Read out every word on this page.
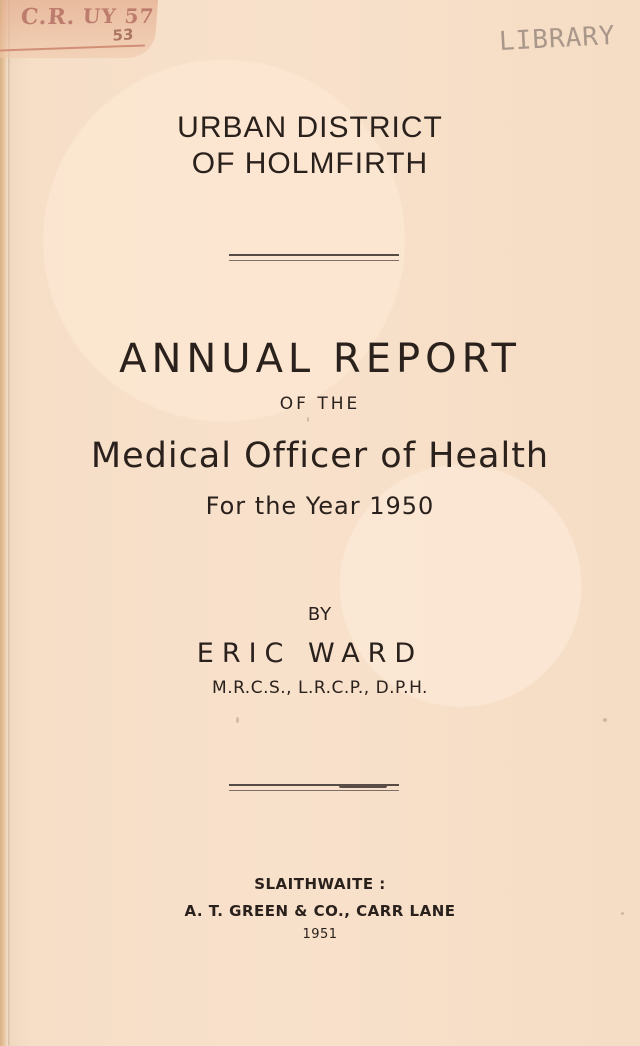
C.R. UY 57
53	LIBRARY
URBAN DISTRICT
OF HOLMFIRTH
ANNUAL REPORT
OF THE
Medical Officer of Health
For the Year 1950
BY
ERIC WARD
M.R.C.S., L.R.C.P., D.P.H.
SLAITHWAITE :
A. T. GREEN & CO., CARR LANE
1951
